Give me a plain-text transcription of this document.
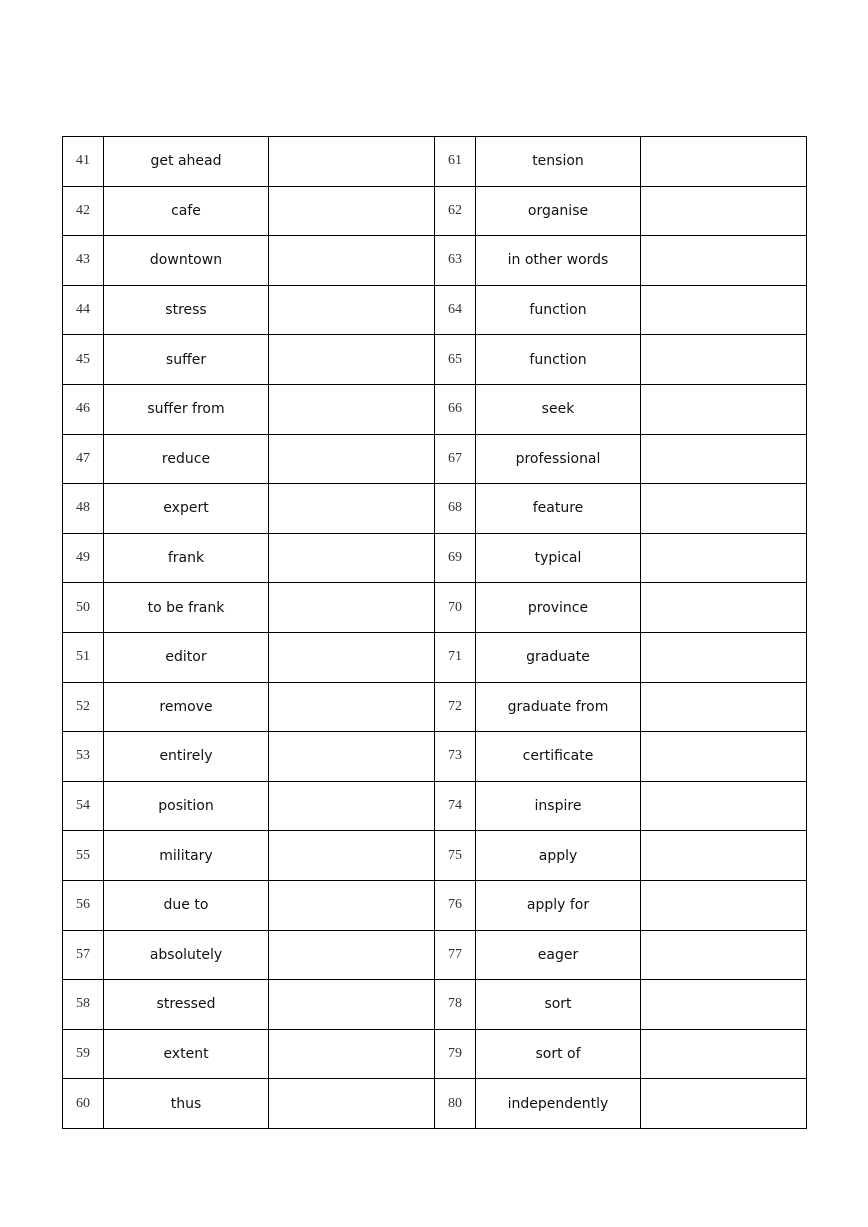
41	get ahead		61	tension	
42	cafe		62	organise	
43	downtown		63	in other words	
44	stress		64	function	
45	suffer		65	function	
46	suffer from		66	seek	
47	reduce		67	professional	
48	expert		68	feature	
49	frank		69	typical	
50	to be frank		70	province	
51	editor		71	graduate	
52	remove		72	graduate from	
53	entirely		73	certificate	
54	position		74	inspire	
55	military		75	apply	
56	due to		76	apply for	
57	absolutely		77	eager	
58	stressed		78	sort	
59	extent		79	sort of	
60	thus		80	independently	
